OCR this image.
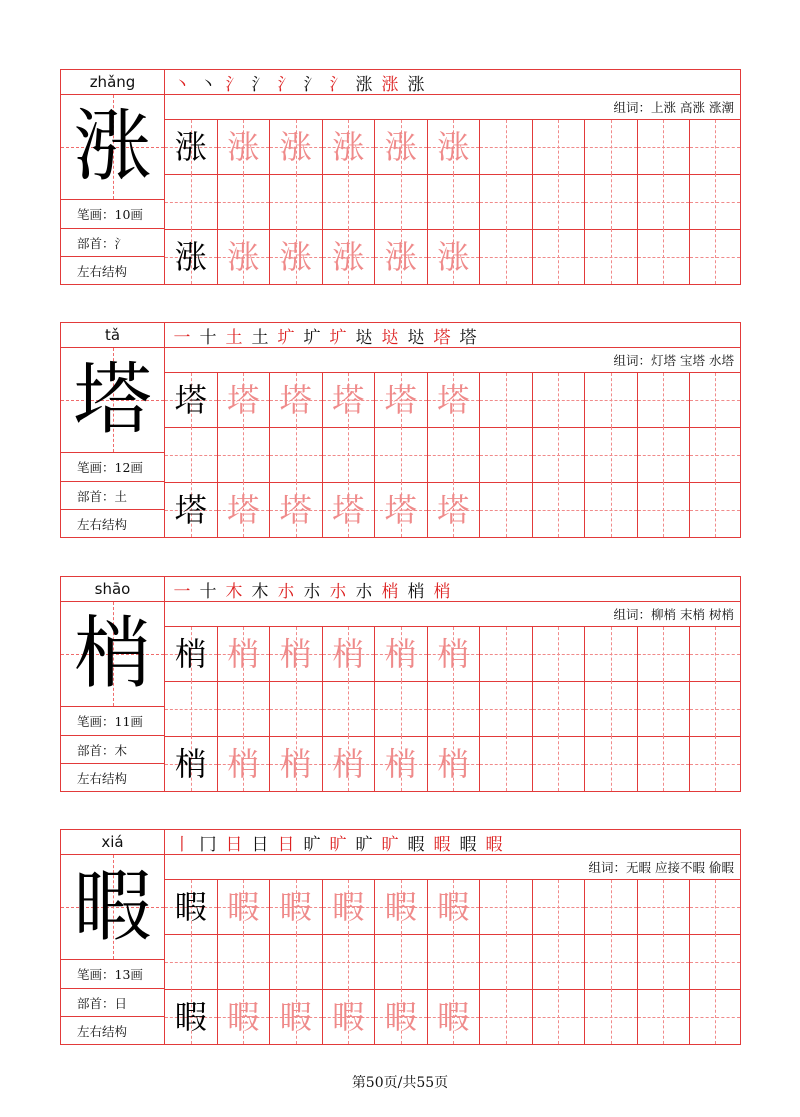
zhǎng
涨
笔画：10画
部首：氵
左右结构
丶 丶 氵 氵 氵 氵 氵 涨 涨 涨
组词：上涨 高涨 涨潮
涨 涨 涨 涨 涨 涨
涨 涨 涨 涨 涨 涨
tǎ
塔
笔画：12画
部首：土
左右结构
一 十 土 土 圹 圹 圹 垯 垯 垯 塔 塔
组词：灯塔 宝塔 水塔
塔 塔 塔 塔 塔 塔
塔 塔 塔 塔 塔 塔
shāo
梢
笔画：11画
部首：木
左右结构
一 十 木 木 朩 朩 朩 朩 梢 梢 梢
组词：柳梢 末梢 树梢
梢 梢 梢 梢 梢 梢
梢 梢 梢 梢 梢 梢
xiá
暇
笔画：13画
部首：日
左右结构
丨 冂 日 日 日 旷 旷 旷 旷 暇 暇 暇 暇
组词：无暇 应接不暇 偷暇
暇 暇 暇 暇 暇 暇
暇 暇 暇 暇 暇 暇
第50页/共55页
